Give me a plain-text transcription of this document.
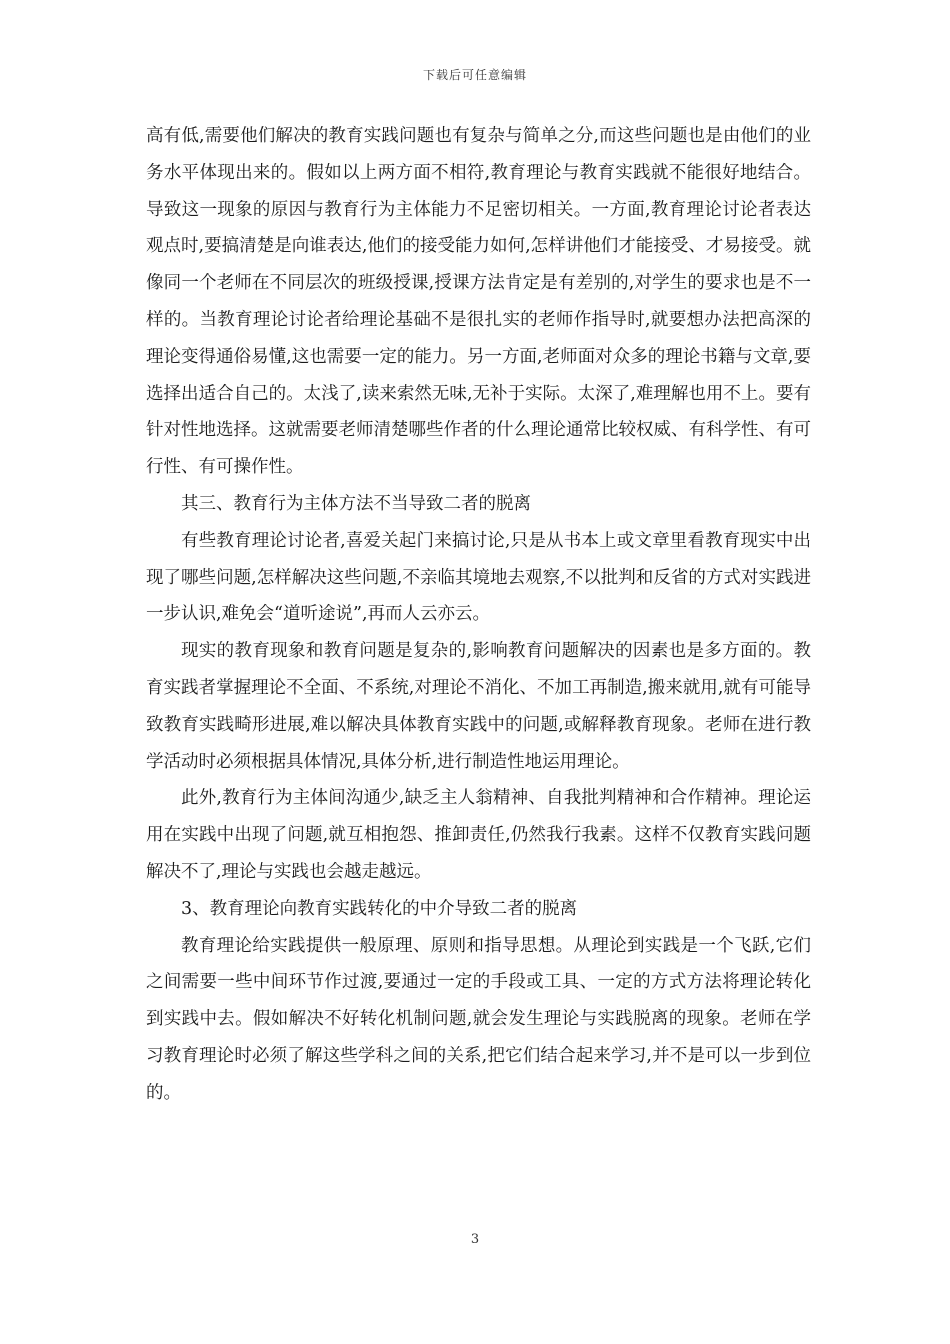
下载后可任意编辑

高有低,需要他们解决的教育实践问题也有复杂与简单之分,而这些问题也是由他们的业务水平体现出来的。假如以上两方面不相符,教育理论与教育实践就不能很好地结合。导致这一现象的原因与教育行为主体能力不足密切相关。一方面,教育理论讨论者表达观点时,要搞清楚是向谁表达,他们的接受能力如何,怎样讲他们才能接受、才易接受。就像同一个老师在不同层次的班级授课,授课方法肯定是有差别的,对学生的要求也是不一样的。当教育理论讨论者给理论基础不是很扎实的老师作指导时,就要想办法把高深的理论变得通俗易懂,这也需要一定的能力。另一方面,老师面对众多的理论书籍与文章,要选择出适合自己的。太浅了,读来索然无味,无补于实际。太深了,难理解也用不上。要有针对性地选择。这就需要老师清楚哪些作者的什么理论通常比较权威、有科学性、有可行性、有可操作性。

其三、教育行为主体方法不当导致二者的脱离

有些教育理论讨论者,喜爱关起门来搞讨论,只是从书本上或文章里看教育现实中出现了哪些问题,怎样解决这些问题,不亲临其境地去观察,不以批判和反省的方式对实践进一步认识,难免会“道听途说”,再而人云亦云。

现实的教育现象和教育问题是复杂的,影响教育问题解决的因素也是多方面的。教育实践者掌握理论不全面、不系统,对理论不消化、不加工再制造,搬来就用,就有可能导致教育实践畸形进展,难以解决具体教育实践中的问题,或解释教育现象。老师在进行教学活动时必须根据具体情况,具体分析,进行制造性地运用理论。

此外,教育行为主体间沟通少,缺乏主人翁精神、自我批判精神和合作精神。理论运用在实践中出现了问题,就互相抱怨、推卸责任,仍然我行我素。这样不仅教育实践问题解决不了,理论与实践也会越走越远。

3、教育理论向教育实践转化的中介导致二者的脱离

教育理论给实践提供一般原理、原则和指导思想。从理论到实践是一个飞跃,它们之间需要一些中间环节作过渡,要通过一定的手段或工具、一定的方式方法将理论转化到实践中去。假如解决不好转化机制问题,就会发生理论与实践脱离的现象。老师在学习教育理论时必须了解这些学科之间的关系,把它们结合起来学习,并不是可以一步到位的。

3
